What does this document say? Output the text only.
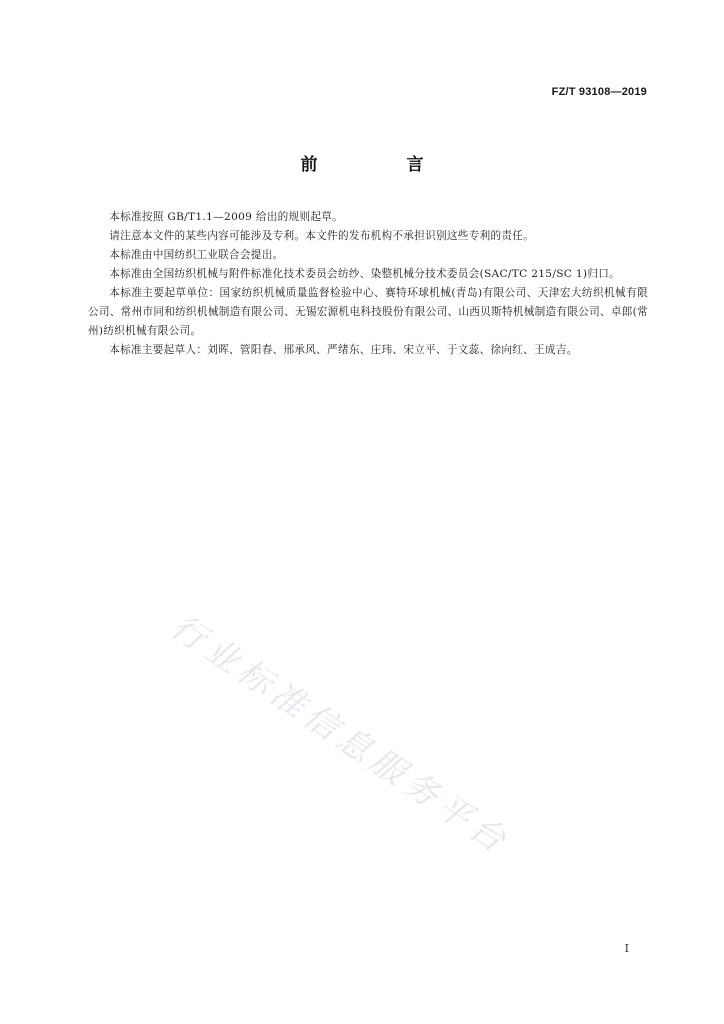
FZ/T 93108—2019
前　言

本标准按照 GB/T1.1—2009 给出的规则起草。

请注意本文件的某些内容可能涉及专利。本文件的发布机构不承担识别这些专利的责任。

本标准由中国纺织工业联合会提出。

本标准由全国纺织机械与附件标准化技术委员会纺纱、染整机械分技术委员会(SAC/TC 215/SC 1)归口。

本标准主要起草单位：国家纺织机械质量监督检验中心、赛特环球机械(青岛)有限公司、天津宏大纺织机械有限公司、常州市同和纺织机械制造有限公司、无锡宏源机电科技股份有限公司、山西贝斯特机械制造有限公司、卓郎(常州)纺织机械有限公司。

本标准主要起草人：刘晖、管阳春、邢承风、严绪东、庄玮、宋立平、于文蕊、徐向红、王成吉。

行业标准信息服务平台
I
